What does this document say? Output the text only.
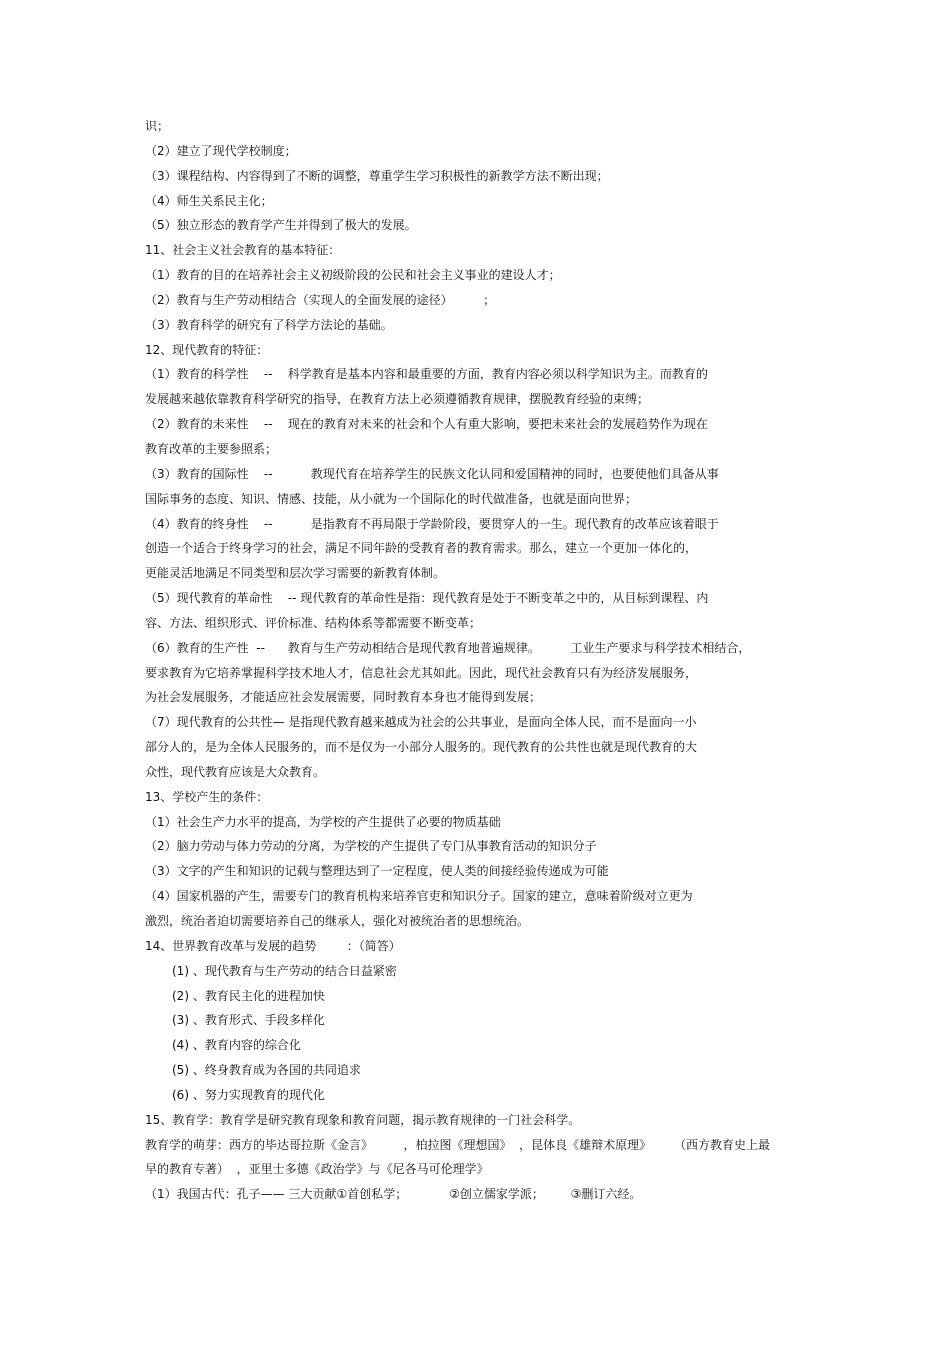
识；
（2）建立了现代学校制度；
（3）课程结构、内容得到了不断的调整，尊重学生学习积极性的新教学方法不断出现；
（4）师生关系民主化；
（5）独立形态的教育学产生并得到了极大的发展。
11、社会主义社会教育的基本特征：
（1）教育的目的在培养社会主义初级阶段的公民和社会主义事业的建设人才；
（2）教育与生产劳动相结合（实现人的全面发展的途径）        ；
（3）教育科学的研究有了科学方法论的基础。
12、现代教育的特征：
（1）教育的科学性    --    科学教育是基本内容和最重要的方面，教育内容必须以科学知识为主。而教育的
发展越来越依靠教育科学研究的指导，在教育方法上必须遵循教育规律，摆脱教育经验的束缚；
（2）教育的未来性    --    现在的教育对未来的社会和个人有重大影响，要把未来社会的发展趋势作为现在
教育改革的主要参照系；
（3）教育的国际性    --          教现代育在培养学生的民族文化认同和爱国精神的同时，也要使他们具备从事
国际事务的态度、知识、情感、技能，从小就为一个国际化的时代做准备，也就是面向世界；
（4）教育的终身性    --          是指教育不再局限于学龄阶段，要贯穿人的一生。现代教育的改革应该着眼于
创造一个适合于终身学习的社会，满足不同年龄的受教育者的教育需求。那么，建立一个更加一体化的，
更能灵活地满足不同类型和层次学习需要的新教育体制。
（5）现代教育的革命性    -- 现代教育的革命性是指：现代教育是处于不断变革之中的，从目标到课程、内
容、方法、组织形式、评价标准、结构体系等都需要不断变革；
（6）教育的生产性  --      教育与生产劳动相结合是现代教育地普遍规律。        工业生产要求与科学技术相结合，
要求教育为它培养掌握科学技术地人才，信息社会尤其如此。因此，现代社会教育只有为经济发展服务，
为社会发展服务，才能适应社会发展需要，同时教育本身也才能得到发展；
（7）现代教育的公共性— 是指现代教育越来越成为社会的公共事业，是面向全体人民，而不是面向一小
部分人的，是为全体人民服务的，而不是仅为一小部分人服务的。现代教育的公共性也就是现代教育的大
众性，现代教育应该是大众教育。
13、学校产生的条件：
（1）社会生产力水平的提高，为学校的产生提供了必要的物质基础
（2）脑力劳动与体力劳动的分离，为学校的产生提供了专门从事教育活动的知识分子
（3）文字的产生和知识的记载与整理达到了一定程度，使人类的间接经验传递成为可能
（4）国家机器的产生，需要专门的教育机构来培养官吏和知识分子。国家的建立，意味着阶级对立更为
激烈，统治者迫切需要培养自己的继承人，强化对被统治者的思想统治。
14、世界教育改革与发展的趋势        ：（简答）
(1) 、现代教育与生产劳动的结合日益紧密
(2) 、教育民主化的进程加快
(3) 、教育形式、手段多样化
(4) 、教育内容的综合化
(5) 、终身教育成为各国的共同追求
(6) 、努力实现教育的现代化
15、教育学：教育学是研究教育现象和教育问题，揭示教育规律的一门社会科学。
教育学的萌芽：西方的毕达哥拉斯《金言》        ，柏拉图《理想国》  ，昆体良《雄辩术原理》      （西方教育史上最
早的教育专著）  ，亚里士多德《政治学》与《尼各马可伦理学》
（1）我国古代：孔子—— 三大贡献①首创私学；           ②创立儒家学派；       ③删订六经。
